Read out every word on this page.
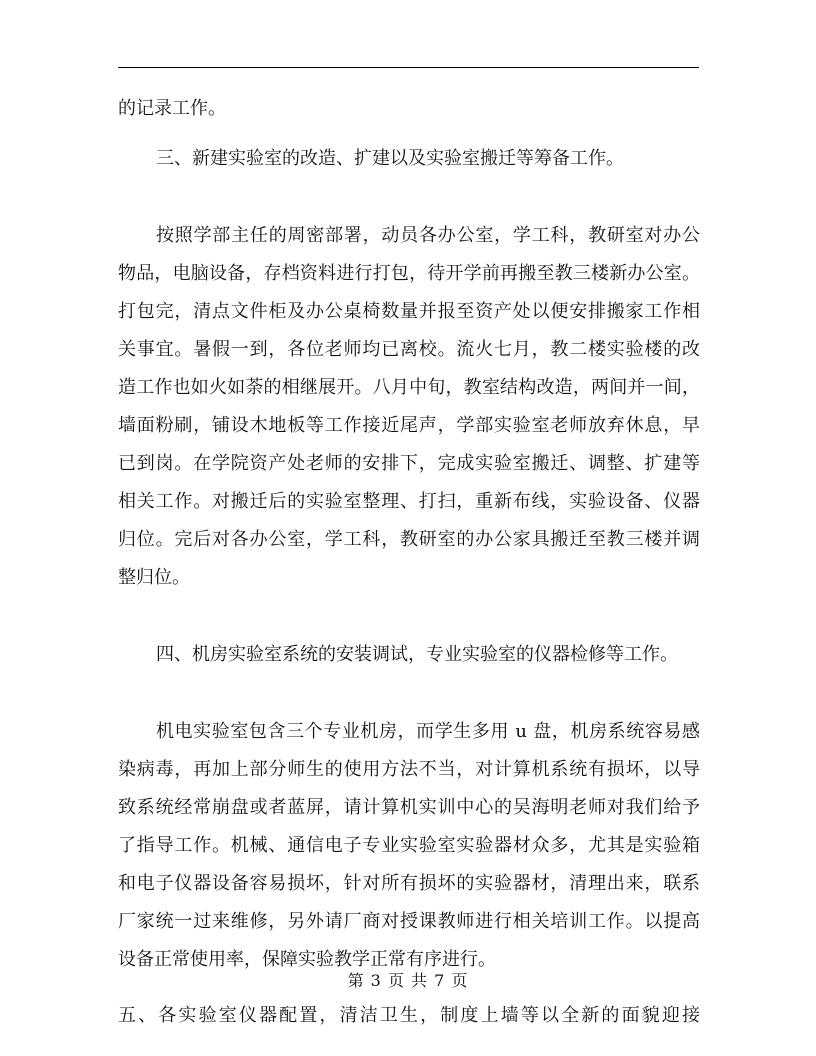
的记录工作。
三、新建实验室的改造、扩建以及实验室搬迁等筹备工作。
按照学部主任的周密部署，动员各办公室，学工科，教研室对办公
物品，电脑设备，存档资料进行打包，待开学前再搬至教三楼新办公室。
打包完，清点文件柜及办公桌椅数量并报至资产处以便安排搬家工作相
关事宜。暑假一到，各位老师均已离校。流火七月，教二楼实验楼的改
造工作也如火如荼的相继展开。八月中旬，教室结构改造，两间并一间，
墙面粉刷，铺设木地板等工作接近尾声，学部实验室老师放弃休息，早
已到岗。在学院资产处老师的安排下，完成实验室搬迁、调整、扩建等
相关工作。对搬迁后的实验室整理、打扫，重新布线，实验设备、仪器
归位。完后对各办公室，学工科，教研室的办公家具搬迁至教三楼并调
整归位。
四、机房实验室系统的安装调试，专业实验室的仪器检修等工作。
机电实验室包含三个专业机房，而学生多用 u 盘，机房系统容易感
染病毒，再加上部分师生的使用方法不当，对计算机系统有损坏，以导
致系统经常崩盘或者蓝屏，请计算机实训中心的吴海明老师对我们给予
了指导工作。机械、通信电子专业实验室实验器材众多，尤其是实验箱
和电子仪器设备容易损坏，针对所有损坏的实验器材，清理出来，联系
厂家统一过来维修，另外请厂商对授课教师进行相关培训工作。以提高
设备正常使用率，保障实验教学正常有序进行。
五、各实验室仪器配置，清洁卫生，制度上墙等以全新的面貌迎接
第 3 页 共 7 页
